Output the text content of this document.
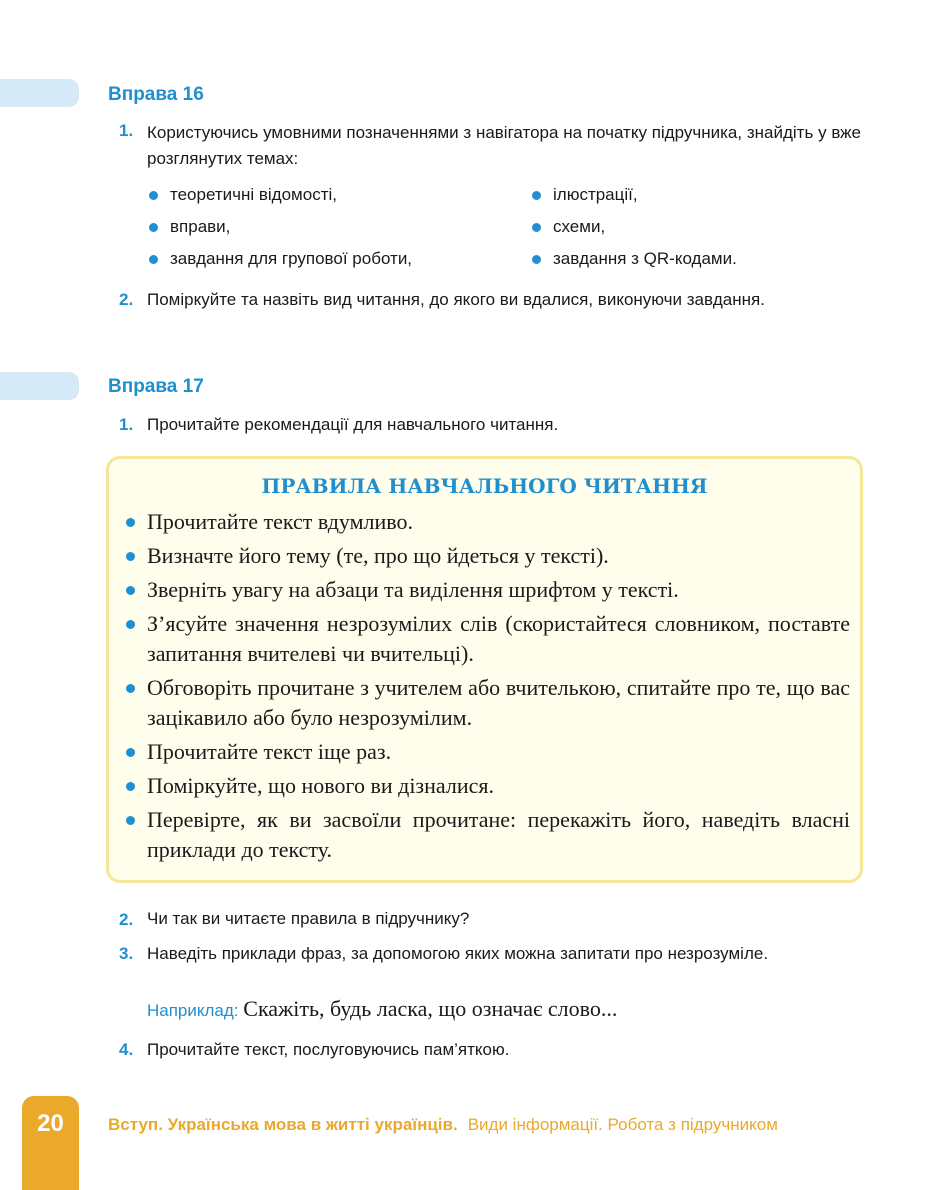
Вправа 16
1. Користуючись умовними позначеннями з навігатора на початку підручника, знайдіть у вже розглянутих темах:
теоретичні відомості,
вправи,
завдання для групової роботи,
ілюстрації,
схеми,
завдання з QR-кодами.
2. Поміркуйте та назвіть вид читання, до якого ви вдалися, виконуючи завдання.
Вправа 17
1. Прочитайте рекомендації для навчального читання.
ПРАВИЛА НАВЧАЛЬНОГО ЧИТАННЯ
Прочитайте текст вдумливо.
Визначте його тему (те, про що йдеться у тексті).
Зверніть увагу на абзаци та виділення шрифтом у тексті.
З’ясуйте значення незрозумілих слів (скористайтеся словником, поставте запитання вчителеві чи вчительці).
Обговоріть прочитане з учителем або вчителькою, спитайте про те, що вас зацікавило або було незрозумілим.
Прочитайте текст іще раз.
Поміркуйте, що нового ви дізналися.
Перевірте, як ви засвоїли прочитане: перекажіть його, наведіть власні приклади до тексту.
2. Чи так ви читаєте правила в підручнику?
3. Наведіть приклади фраз, за допомогою яких можна запитати про незрозуміле.
Наприклад: Скажіть, будь ласка, що означає слово...
4. Прочитайте текст, послуговуючись пам’яткою.
20	Вступ. Українська мова в житті українців. Види інформації. Робота з підручником
